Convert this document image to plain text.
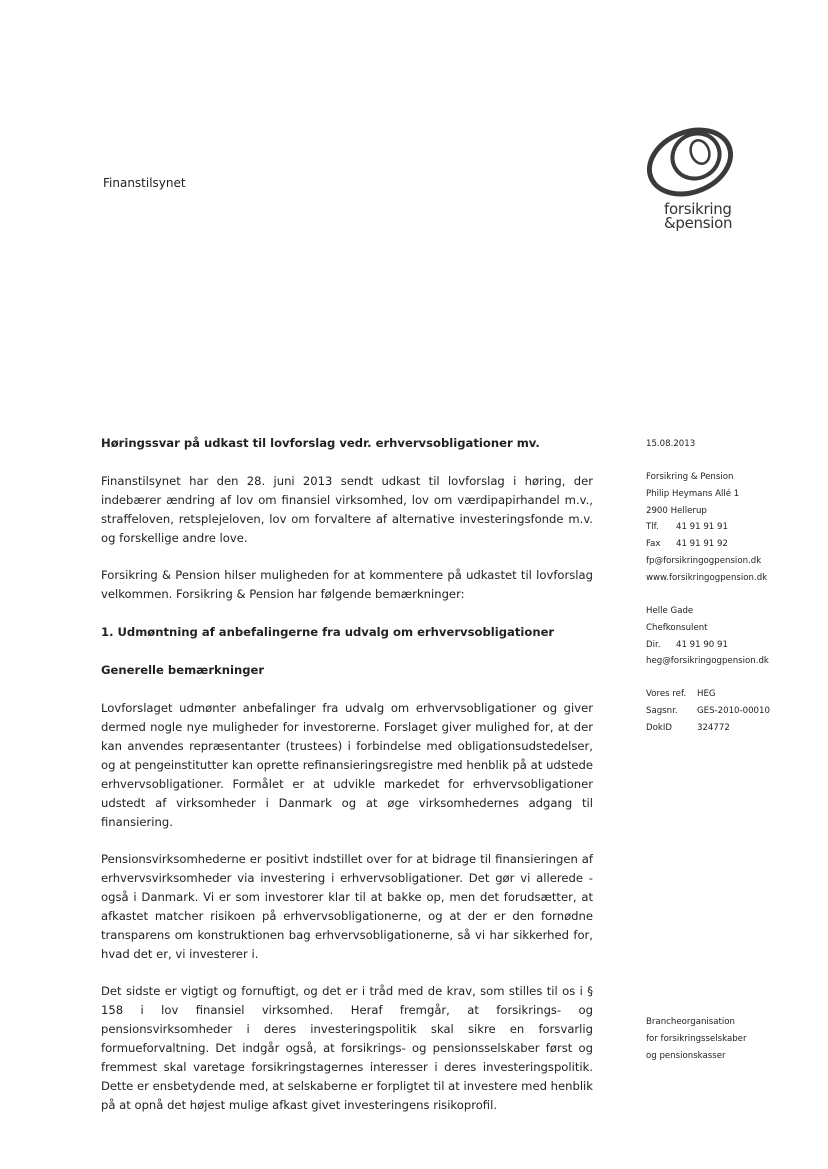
Finanstilsynet
forsikring
&pension

Høringssvar på udkast til lovforslag vedr. erhvervsobligationer mv.

Finanstilsynet har den 28. juni 2013 sendt udkast til lovforslag i høring, der indebærer ændring af lov om finansiel virksomhed, lov om værdipapirhandel m.v., straffeloven, retsplejeloven, lov om forvaltere af alternative investeringsfonde m.v. og forskellige andre love.

Forsikring & Pension hilser muligheden for at kommentere på udkastet til lovforslag velkommen. Forsikring & Pension har følgende bemærkninger:

1. Udmøntning af anbefalingerne fra udvalg om erhvervsobligationer

Generelle bemærkninger

Lovforslaget udmønter anbefalinger fra udvalg om erhvervsobligationer og giver dermed nogle nye muligheder for investorerne. Forslaget giver mulighed for, at der kan anvendes repræsentanter (trustees) i forbindelse med obligationsudstedelser, og at pengeinstitutter kan oprette refinansieringsregistre med henblik på at udstede erhvervsobligationer. Formålet er at udvikle markedet for erhvervsobligationer udstedt af virksomheder i Danmark og at øge virksomhedernes adgang til finansiering.

Pensionsvirksomhederne er positivt indstillet over for at bidrage til finansieringen af erhvervsvirksomheder via investering i erhvervsobligationer. Det gør vi allerede - også i Danmark. Vi er som investorer klar til at bakke op, men det forudsætter, at afkastet matcher risikoen på erhvervsobligationerne, og at der er den fornødne transparens om konstruktionen bag erhvervsobligationerne, så vi har sikkerhed for, hvad det er, vi investerer i.

Det sidste er vigtigt og fornuftigt, og det er i tråd med de krav, som stilles til os i § 158 i lov finansiel virksomhed. Heraf fremgår, at forsikrings- og pensionsvirksomheder i deres investeringspolitik skal sikre en forsvarlig formueforvaltning. Det indgår også, at forsikrings- og pensionsselskaber først og fremmest skal varetage forsikringstagernes interesser i deres investeringspolitik. Dette er ensbetydende med, at selskaberne er forpligtet til at investere med henblik på at opnå det højest mulige afkast givet investeringens risikoprofil.

15.08.2013
Forsikring & Pension
Philip Heymans Allé 1
2900 Hellerup
Tlf. 41 91 91 91
Fax 41 91 91 92
fp@forsikringogpension.dk
www.forsikringogpension.dk
Helle Gade
Chefkonsulent
Dir. 41 91 90 91
heg@forsikringogpension.dk
Vores ref. HEG
Sagsnr. GES-2010-00010
DokID	324772
Brancheorganisation
for forsikringsselskaber
og pensionskasser
